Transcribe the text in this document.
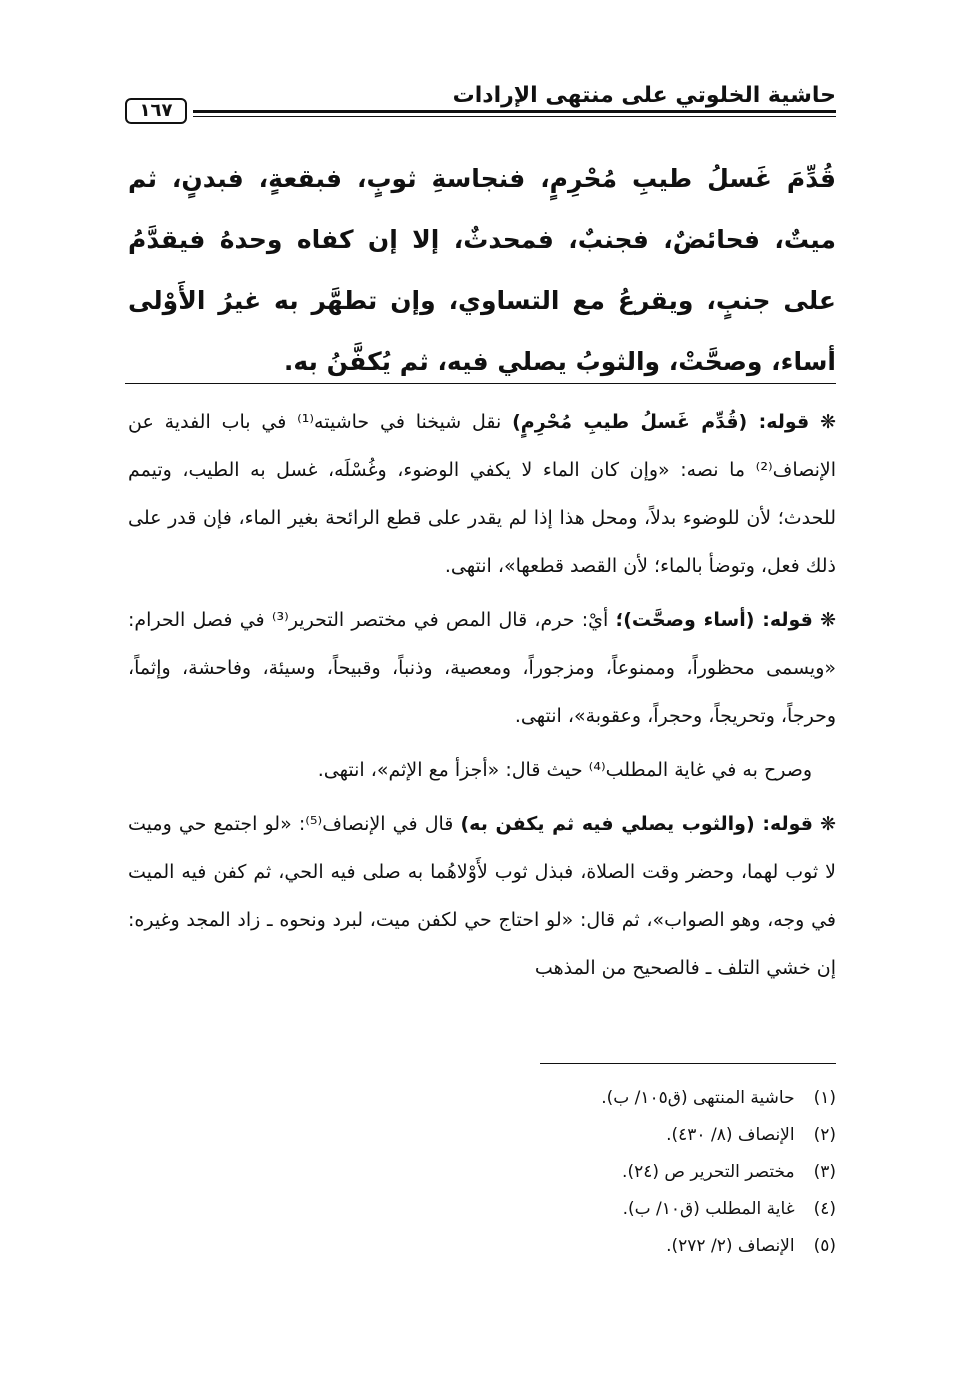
حاشية الخلوتي على منتهى الإرادات
١٦٧
قُدِّمَ غَسلُ طيبِ مُحْرِمٍ، فنجاسةِ ثوبٍ، فبقعةٍ، فبدنٍ، ثم ميتٌ، فحائضٌ، فجنبٌ، فمحدثٌ، إلا إن كفاه وحدهُ فيقدَّمُ على جنبٍ، ويقرعُ مع التساوي، وإن تطهَّر به غيرُ الأَوْلى أساء، وصحَّتْ، والثوبُ يصلي فيه، ثم يُكفَّنُ به.

❋ قوله: (قُدِّم غَسلُ طيبِ مُحْرِمٍ) نقل شيخنا في حاشيته⁽¹⁾ في باب الفدية عن الإنصاف⁽²⁾ ما نصه: «وإن كان الماء لا يكفي الوضوء، وغُسْلَه، غسل به الطيب، وتيمم للحدث؛ لأن للوضوء بدلاً، ومحل هذا إذا لم يقدر على قطع الرائحة بغير الماء، فإن قدر على ذلك فعل، وتوضأ بالماء؛ لأن القصد قطعها»، انتهى.

❋ قوله: (أساء وصحَّت)؛ أيْ: حرم، قال المص في مختصر التحرير⁽³⁾ في فصل الحرام: «ويسمى محظوراً، وممنوعاً، ومزجوراً، ومعصية، وذنباً، وقبيحاً، وسيئة، وفاحشة، وإثماً، وحرجاً، وتحريجاً، وحجراً، وعقوبة»، انتهى.

وصرح به في غاية المطلب⁽⁴⁾ حيث قال: «أجزأ مع الإثم»، انتهى.

❋ قوله: (والثوب يصلي فيه ثم يكفن به) قال في الإنصاف⁽⁵⁾: «لو اجتمع حي وميت لا ثوب لهما، وحضر وقت الصلاة، فبذل ثوب لأَوْلاهُما به صلى فيه الحي، ثم كفن فيه الميت في وجه، وهو الصواب»، ثم قال: «لو احتاج حي لكفن ميت، لبرد ونحوه ـ زاد المجد وغيره: إن خشي التلف ـ فالصحيح من المذهب

(١) حاشية المنتهى (ق١٠٥/ ب).
(٢) الإنصاف (٨/ ٤٣٠).
(٣) مختصر التحرير ص (٢٤).
(٤) غاية المطلب (ق١٠/ ب).
(٥) الإنصاف (٢/ ٢٧٢).
